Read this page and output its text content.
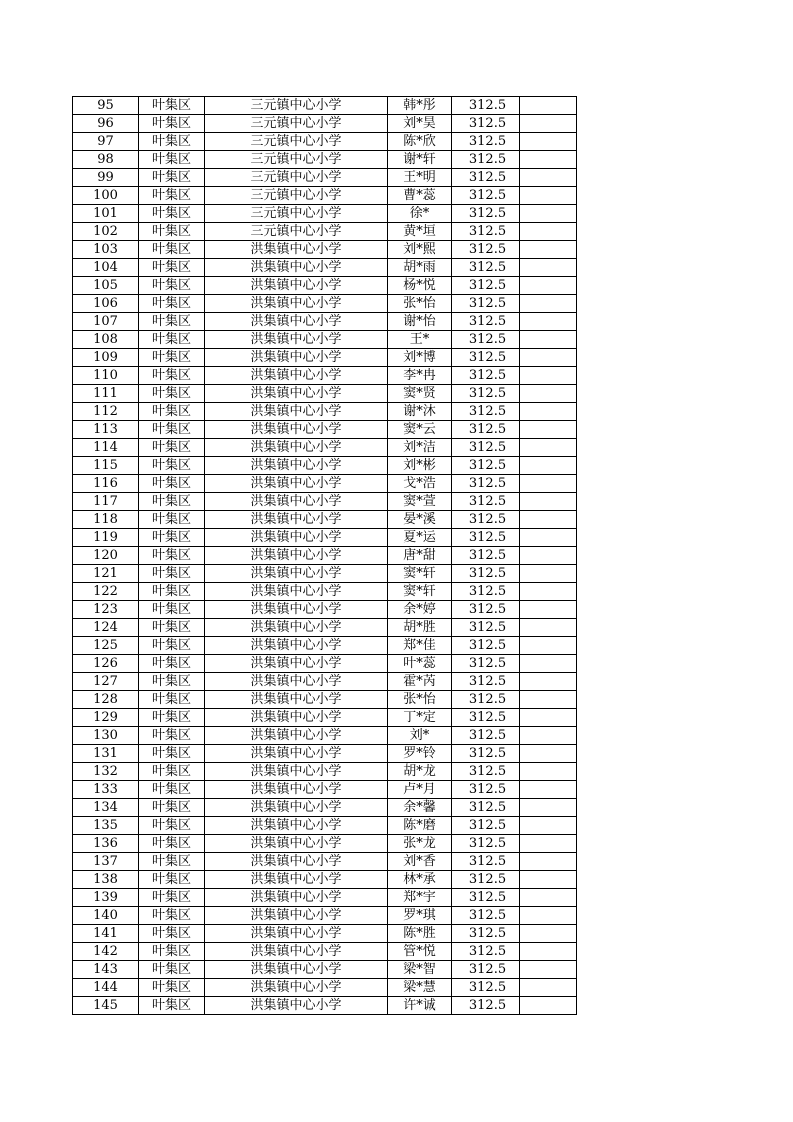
95	叶集区	三元镇中心小学	韩*彤	312.5	
96	叶集区	三元镇中心小学	刘*昊	312.5	
97	叶集区	三元镇中心小学	陈*欣	312.5	
98	叶集区	三元镇中心小学	谢*轩	312.5	
99	叶集区	三元镇中心小学	王*明	312.5	
100	叶集区	三元镇中心小学	曹*蕊	312.5	
101	叶集区	三元镇中心小学	徐*	312.5	
102	叶集区	三元镇中心小学	黄*垣	312.5	
103	叶集区	洪集镇中心小学	刘*熙	312.5	
104	叶集区	洪集镇中心小学	胡*雨	312.5	
105	叶集区	洪集镇中心小学	杨*悦	312.5	
106	叶集区	洪集镇中心小学	张*怡	312.5	
107	叶集区	洪集镇中心小学	谢*怡	312.5	
108	叶集区	洪集镇中心小学	王*	312.5	
109	叶集区	洪集镇中心小学	刘*博	312.5	
110	叶集区	洪集镇中心小学	李*冉	312.5	
111	叶集区	洪集镇中心小学	窦*贤	312.5	
112	叶集区	洪集镇中心小学	谢*沐	312.5	
113	叶集区	洪集镇中心小学	窦*云	312.5	
114	叶集区	洪集镇中心小学	刘*洁	312.5	
115	叶集区	洪集镇中心小学	刘*彬	312.5	
116	叶集区	洪集镇中心小学	戈*浩	312.5	
117	叶集区	洪集镇中心小学	窦*萱	312.5	
118	叶集区	洪集镇中心小学	晏*溪	312.5	
119	叶集区	洪集镇中心小学	夏*运	312.5	
120	叶集区	洪集镇中心小学	唐*甜	312.5	
121	叶集区	洪集镇中心小学	窦*轩	312.5	
122	叶集区	洪集镇中心小学	窦*轩	312.5	
123	叶集区	洪集镇中心小学	余*婷	312.5	
124	叶集区	洪集镇中心小学	胡*胜	312.5	
125	叶集区	洪集镇中心小学	郑*佳	312.5	
126	叶集区	洪集镇中心小学	叶*蕊	312.5	
127	叶集区	洪集镇中心小学	霍*芮	312.5	
128	叶集区	洪集镇中心小学	张*怡	312.5	
129	叶集区	洪集镇中心小学	丁*定	312.5	
130	叶集区	洪集镇中心小学	刘*	312.5	
131	叶集区	洪集镇中心小学	罗*铃	312.5	
132	叶集区	洪集镇中心小学	胡*龙	312.5	
133	叶集区	洪集镇中心小学	卢*月	312.5	
134	叶集区	洪集镇中心小学	余*馨	312.5	
135	叶集区	洪集镇中心小学	陈*磨	312.5	
136	叶集区	洪集镇中心小学	张*龙	312.5	
137	叶集区	洪集镇中心小学	刘*香	312.5	
138	叶集区	洪集镇中心小学	林*承	312.5	
139	叶集区	洪集镇中心小学	郑*宇	312.5	
140	叶集区	洪集镇中心小学	罗*琪	312.5	
141	叶集区	洪集镇中心小学	陈*胜	312.5	
142	叶集区	洪集镇中心小学	管*悦	312.5	
143	叶集区	洪集镇中心小学	梁*智	312.5	
144	叶集区	洪集镇中心小学	梁*慧	312.5	
145	叶集区	洪集镇中心小学	许*诚	312.5	
